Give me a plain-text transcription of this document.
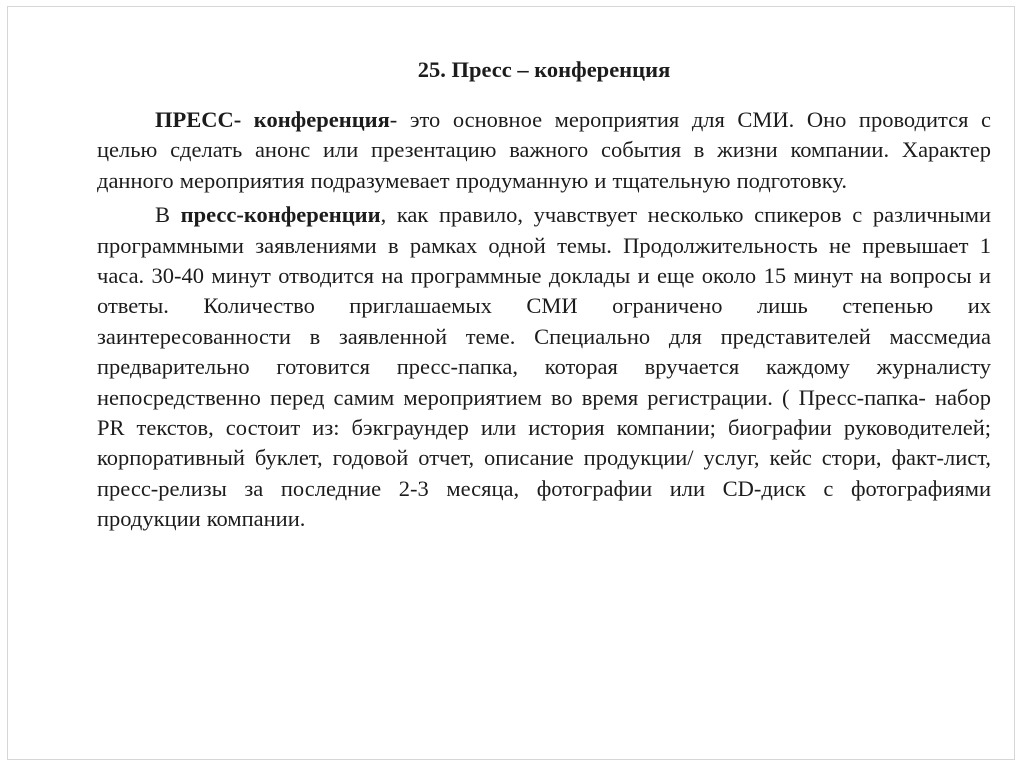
25. Пресс – конференция

ПРЕСС- конференция- это основное мероприятия для СМИ. Оно проводится с целью сделать анонс или презентацию важного события в жизни компании. Характер данного мероприятия подразумевает продуманную и тщательную подготовку.

В пресс-конференции, как правило, учавствует несколько спикеров с различными программными заявлениями в рамках одной темы. Продолжительность не превышает 1 часа. 30-40 минут отводится на программные доклады и еще около 15 минут на вопросы и ответы. Количество приглашаемых СМИ ограничено лишь степенью их заинтересованности в заявленной теме. Специально для представителей массмедиа предварительно готовится пресс-папка, которая вручается каждому журналисту непосредственно перед самим мероприятием во время регистрации. ( Пресс-папка- набор PR текстов, состоит из: бэкграундер или история компании; биографии руководителей; корпоративный буклет, годовой отчет, описание продукции/ услуг, кейс стори, факт-лист, пресс-релизы за последние 2-3 месяца, фотографии или CD-диск с фотографиями продукции компании.
